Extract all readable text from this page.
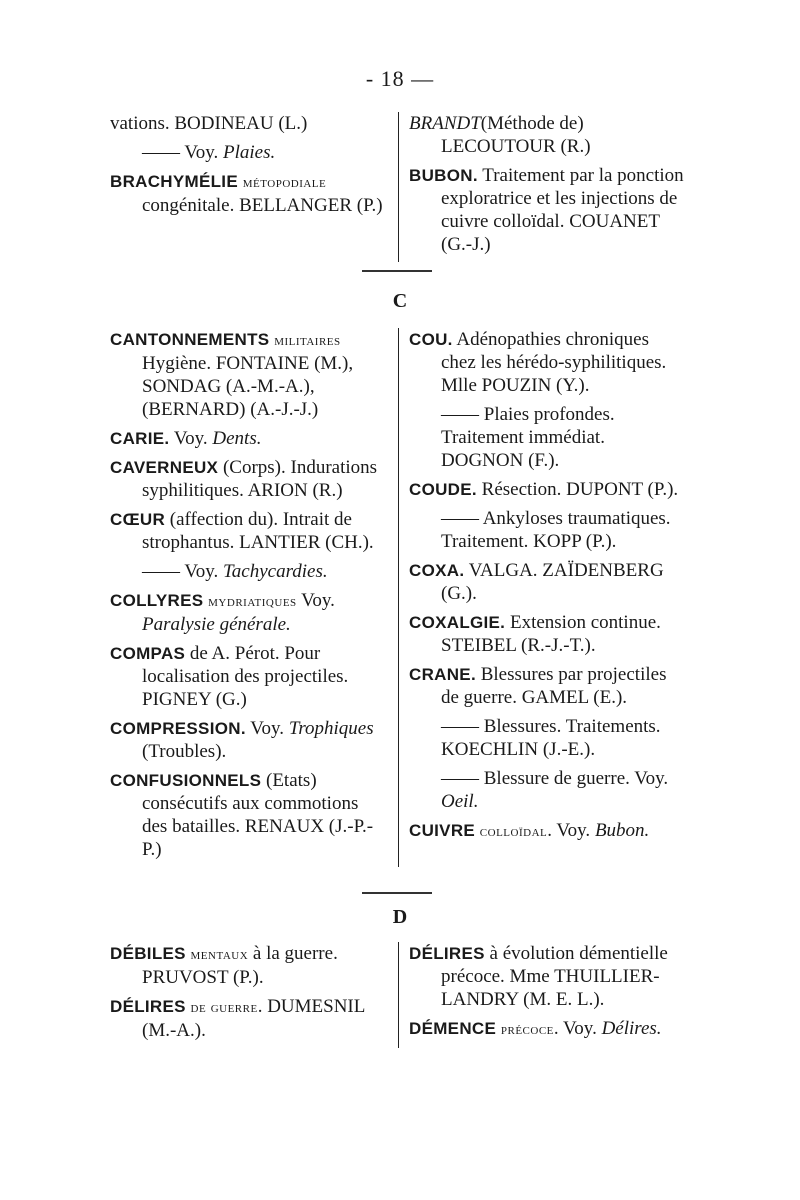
- 18 —
vations. BODINEAU (L.)
—— Voy. Plaies.
BRACHYMÉLIE métopodiale congénitale. BELLANGER (P.)
BRANDT(Méthode de) LECOUTOUR (R.)
BUBON. Traitement par la ponction exploratrice et les injections de cuivre colloïdal. COUANET (G.-J.)
C
CANTONNEMENTS militaires Hygiène. FONTAINE (M.), SONDAG (A.-M.-A.), (BERNARD) (A.-J.-J.)
CARIE. Voy. Dents.
CAVERNEUX (Corps). Indurations syphilitiques. ARION (R.)
CŒUR (affection du). Intrait de strophantus. LANTIER (CH.).
—— Voy. Tachycardies.
COLLYRES mydriatiques Voy. Paralysie générale.
COMPAS de A. Pérot. Pour localisation des projectiles. PIGNEY (G.)
COMPRESSION. Voy. Trophiques (Troubles).
CONFUSIONNELS (Etats) consécutifs aux commotions des batailles. RENAUX (J.-P.-P.)
COU. Adénopathies chroniques chez les hérédo-syphilitiques. Mlle POUZIN (Y.).
—— Plaies profondes. Traitement immédiat. DOGNON (F.).
COUDE. Résection. DUPONT (P.).
—— Ankyloses traumatiques. Traitement. KOPP (P.).
COXA. VALGA. ZAÏDENBERG (G.).
COXALGIE. Extension continue. STEIBEL (R.-J.-T.).
CRANE. Blessures par projectiles de guerre. GAMEL (E.).
—— Blessures. Traitements. KOECHLIN (J.-E.).
—— Blessure de guerre. Voy. Oeil.
CUIVRE colloïdal. Voy. Bubon.
D
DÉBILES mentaux à la guerre. PRUVOST (P.).
DÉLIRES de guerre. DUMESNIL (M.-A.).
DÉLIRES à évolution démentielle précoce. Mme THUILLIER-LANDRY (M. E. L.).
DÉMENCE précoce. Voy. Délires.
